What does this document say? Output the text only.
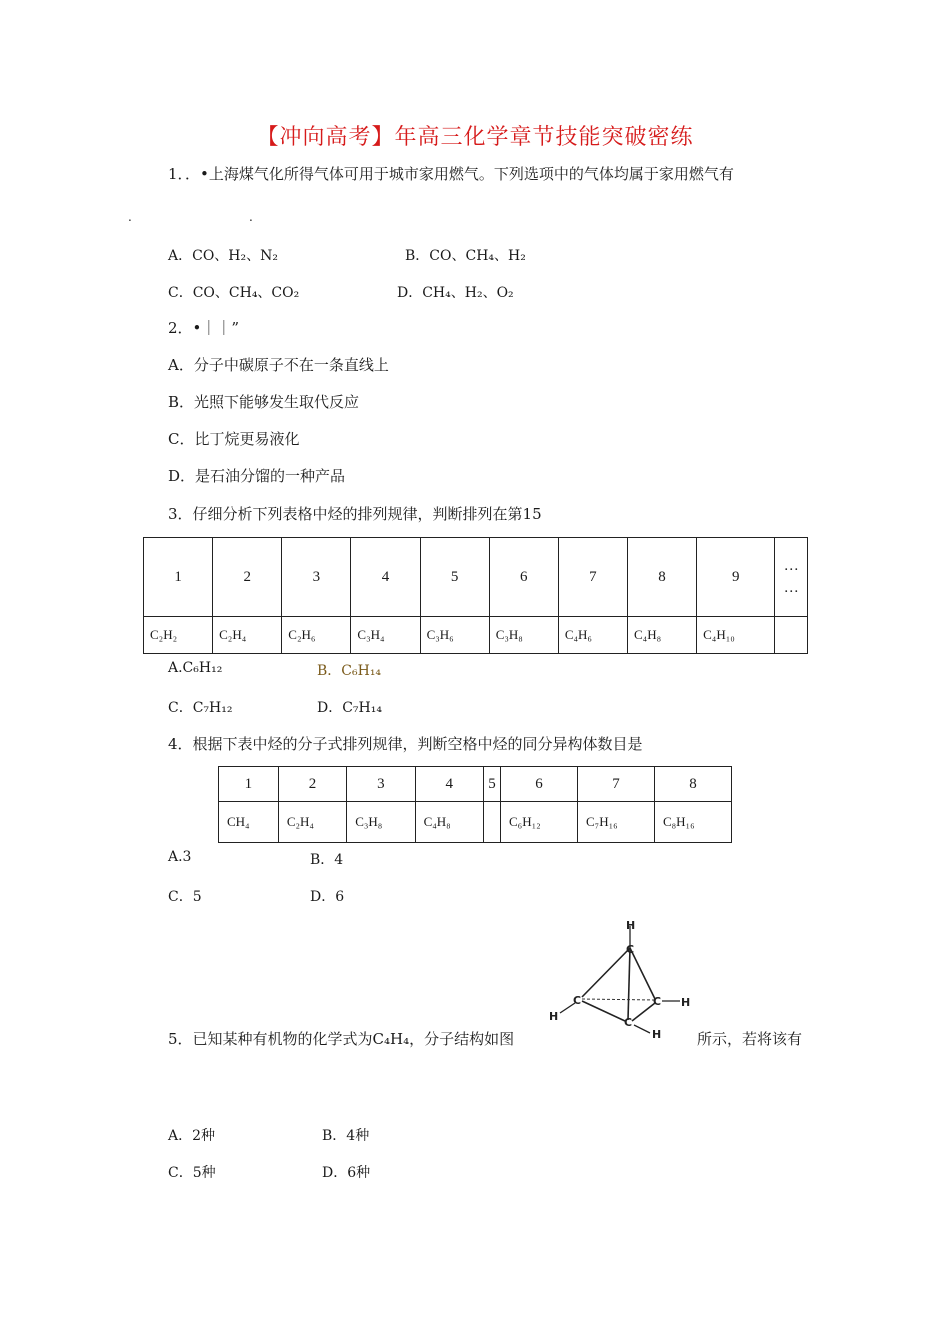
【冲向高考】年高三化学章节技能突破密练
1．．•上海煤气化所得气体可用于城市家用燃气。下列选项中的气体均属于家用燃气有
.	.
A．CO、H₂、N₂	B．CO、CH₄、H₂
C．CO、CH₄、CO₂	D．CH₄、H₂、O₂
2．•｜｜”
A．分子中碳原子不在一条直线上
B．光照下能够发生取代反应
C．比丁烷更易液化
D．是石油分馏的一种产品
3．仔细分析下列表格中烃的排列规律，判断排列在第15
1	2	3	4	5	6	7	8	9	…
…

C₂H₂	C₂H₄	C₂H₆	C₃H₄	C₃H₆	C₃H₈	C₄H₆	C₄H₈	C₄H₁₀	
A.C₆H₁₂	B．C₆H₁₄
C．C₇H₁₂	D．C₇H₁₄
4．根据下表中烃的分子式排列规律，判断空格中烃的同分异构体数目是
1	2	3	4	5	6	7	8
CH₄	C₂H₄	C₃H₈	C₄H₈		C₆H₁₂	C₇H₁₆	C₈H₁₆
A.3	B．4
C．5	D．6
H
C
C	C
C
H
H
H
5．已知某种有机物的化学式为C₄H₄，分子结构如图	所示，若将该有
A．2种	B．4种
C．5种	D．6种
